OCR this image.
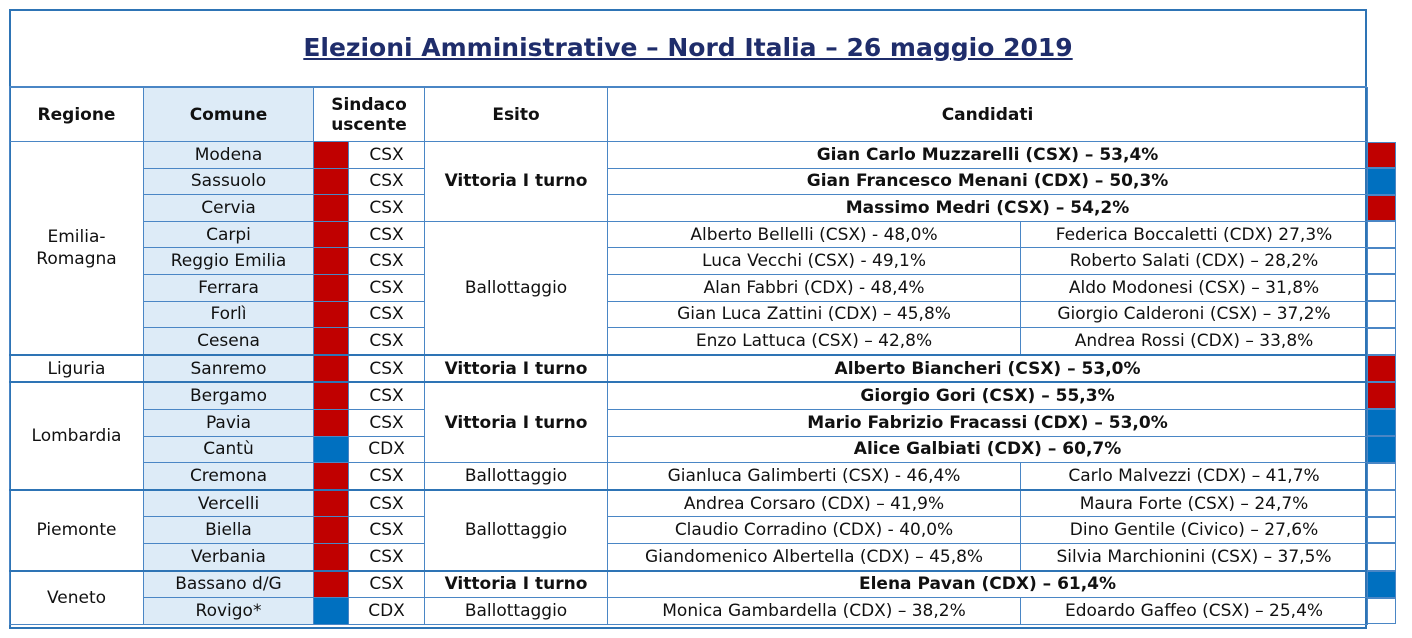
Elezioni Amministrative – Nord Italia – 26 maggio 2019
Regione	Comune	Sindaco uscente		Esito	Candidati	
Emilia-Romagna	Modena		CSX	Vittoria I turno	Gian Carlo Muzzarelli (CSX) – 53,4%	
	Sassuolo		CSX		Gian Francesco Menani (CDX) – 50,3%	
	Cervia		CSX		Massimo Medri (CSX) – 54,2%	
	Carpi		CSX	Ballottaggio	Alberto Bellelli (CSX) - 48,0%	Federica Boccaletti (CDX) 27,3%
	Reggio Emilia		CSX		Luca Vecchi (CSX) - 49,1%	Roberto Salati (CDX) – 28,2%
	Ferrara		CSX		Alan Fabbri (CDX) - 48,4%	Aldo Modonesi (CSX) – 31,8%
	Forlì		CSX		Gian Luca Zattini (CDX) – 45,8%	Giorgio Calderoni (CSX) – 37,2%
	Cesena		CSX		Enzo Lattuca (CSX) – 42,8%	Andrea Rossi (CDX) – 33,8%
Liguria	Sanremo		CSX	Vittoria I turno	Alberto Biancheri (CSX) – 53,0%	
Lombardia	Bergamo		CSX	Vittoria I turno	Giorgio Gori (CSX) – 55,3%	
	Pavia		CSX		Mario Fabrizio Fracassi (CDX) – 53,0%	
	Cantù		CDX		Alice Galbiati (CDX) – 60,7%	
	Cremona		CSX	Ballottaggio	Gianluca Galimberti (CSX) - 46,4%	Carlo Malvezzi (CDX) – 41,7%
Piemonte	Vercelli		CSX	Ballottaggio	Andrea Corsaro (CDX) – 41,9%	Maura Forte (CSX) – 24,7%
	Biella		CSX		Claudio Corradino (CDX) - 40,0%	Dino Gentile (Civico) – 27,6%
	Verbania		CSX		Giandomenico Albertella (CDX) – 45,8%	Silvia Marchionini (CSX) – 37,5%
Veneto	Bassano d/G		CSX	Vittoria I turno	Elena Pavan (CDX) – 61,4%	
	Rovigo*		CDX	Ballottaggio	Monica Gambardella (CDX) – 38,2%	Edoardo Gaffeo (CSX) – 25,4%
